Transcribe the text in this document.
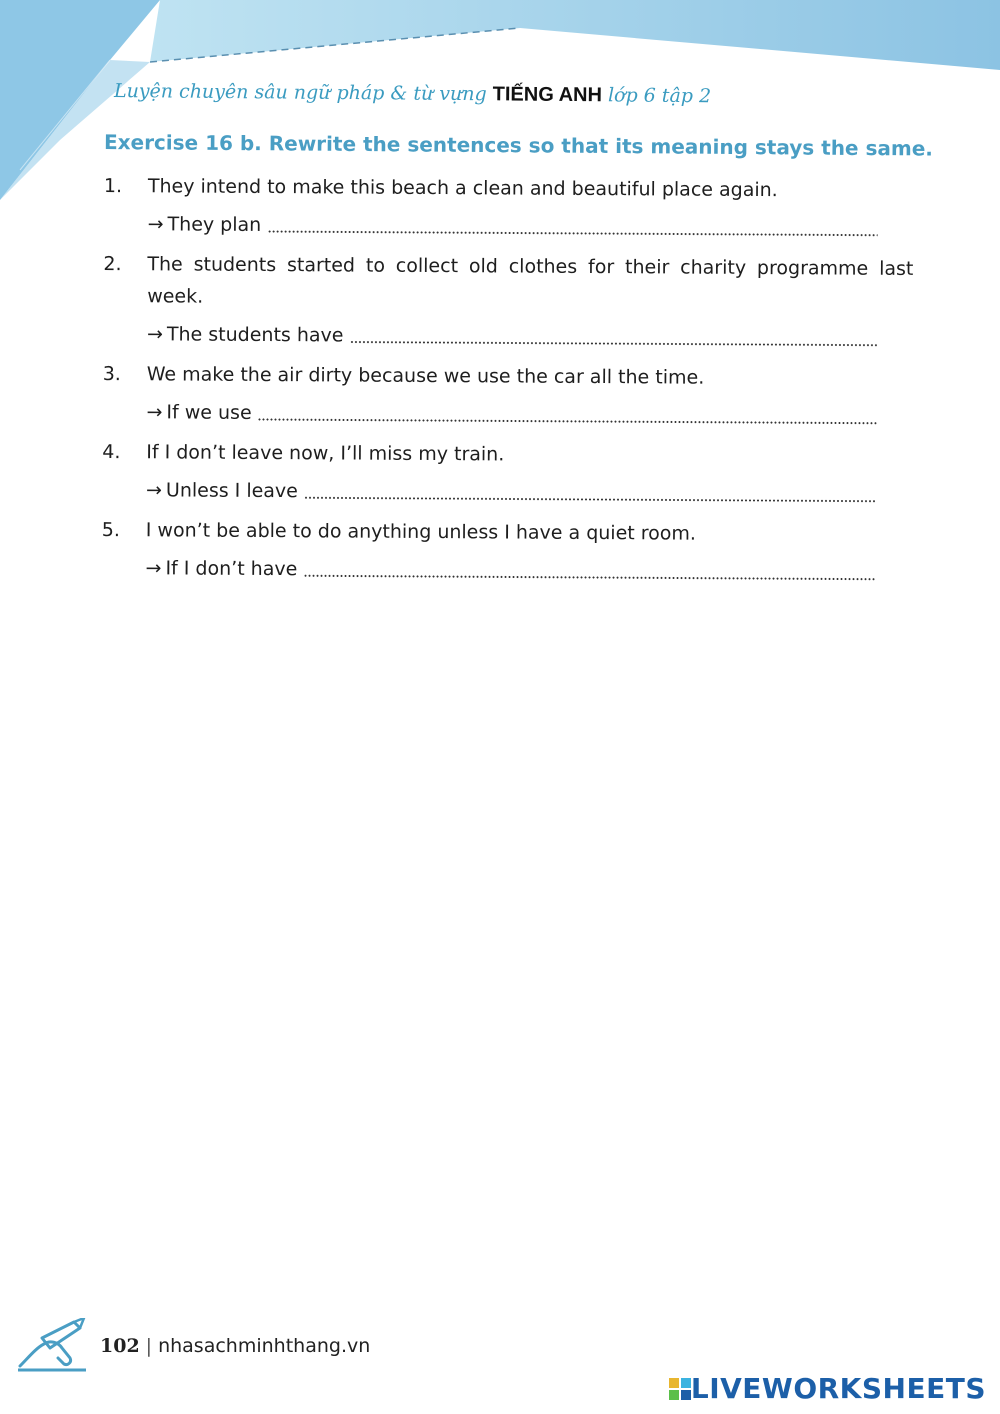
Luyện chuyên sâu ngữ pháp & từ vựng TIẾNG ANH lớp 6 tập 2
Exercise 16 b. Rewrite the sentences so that its meaning stays the same.
1. They intend to make this beach a clean and beautiful place again.
→ They plan
2. The students started to collect old clothes for their charity programme last week.
→ The students have
3. We make the air dirty because we use the car all the time.
→ If we use
4. If I don’t leave now, I’ll miss my train.
→ Unless I leave
5. I won’t be able to do anything unless I have a quiet room.
→ If I don’t have
102 | nhasachminhthang.vn
LIVEWORKSHEETS
